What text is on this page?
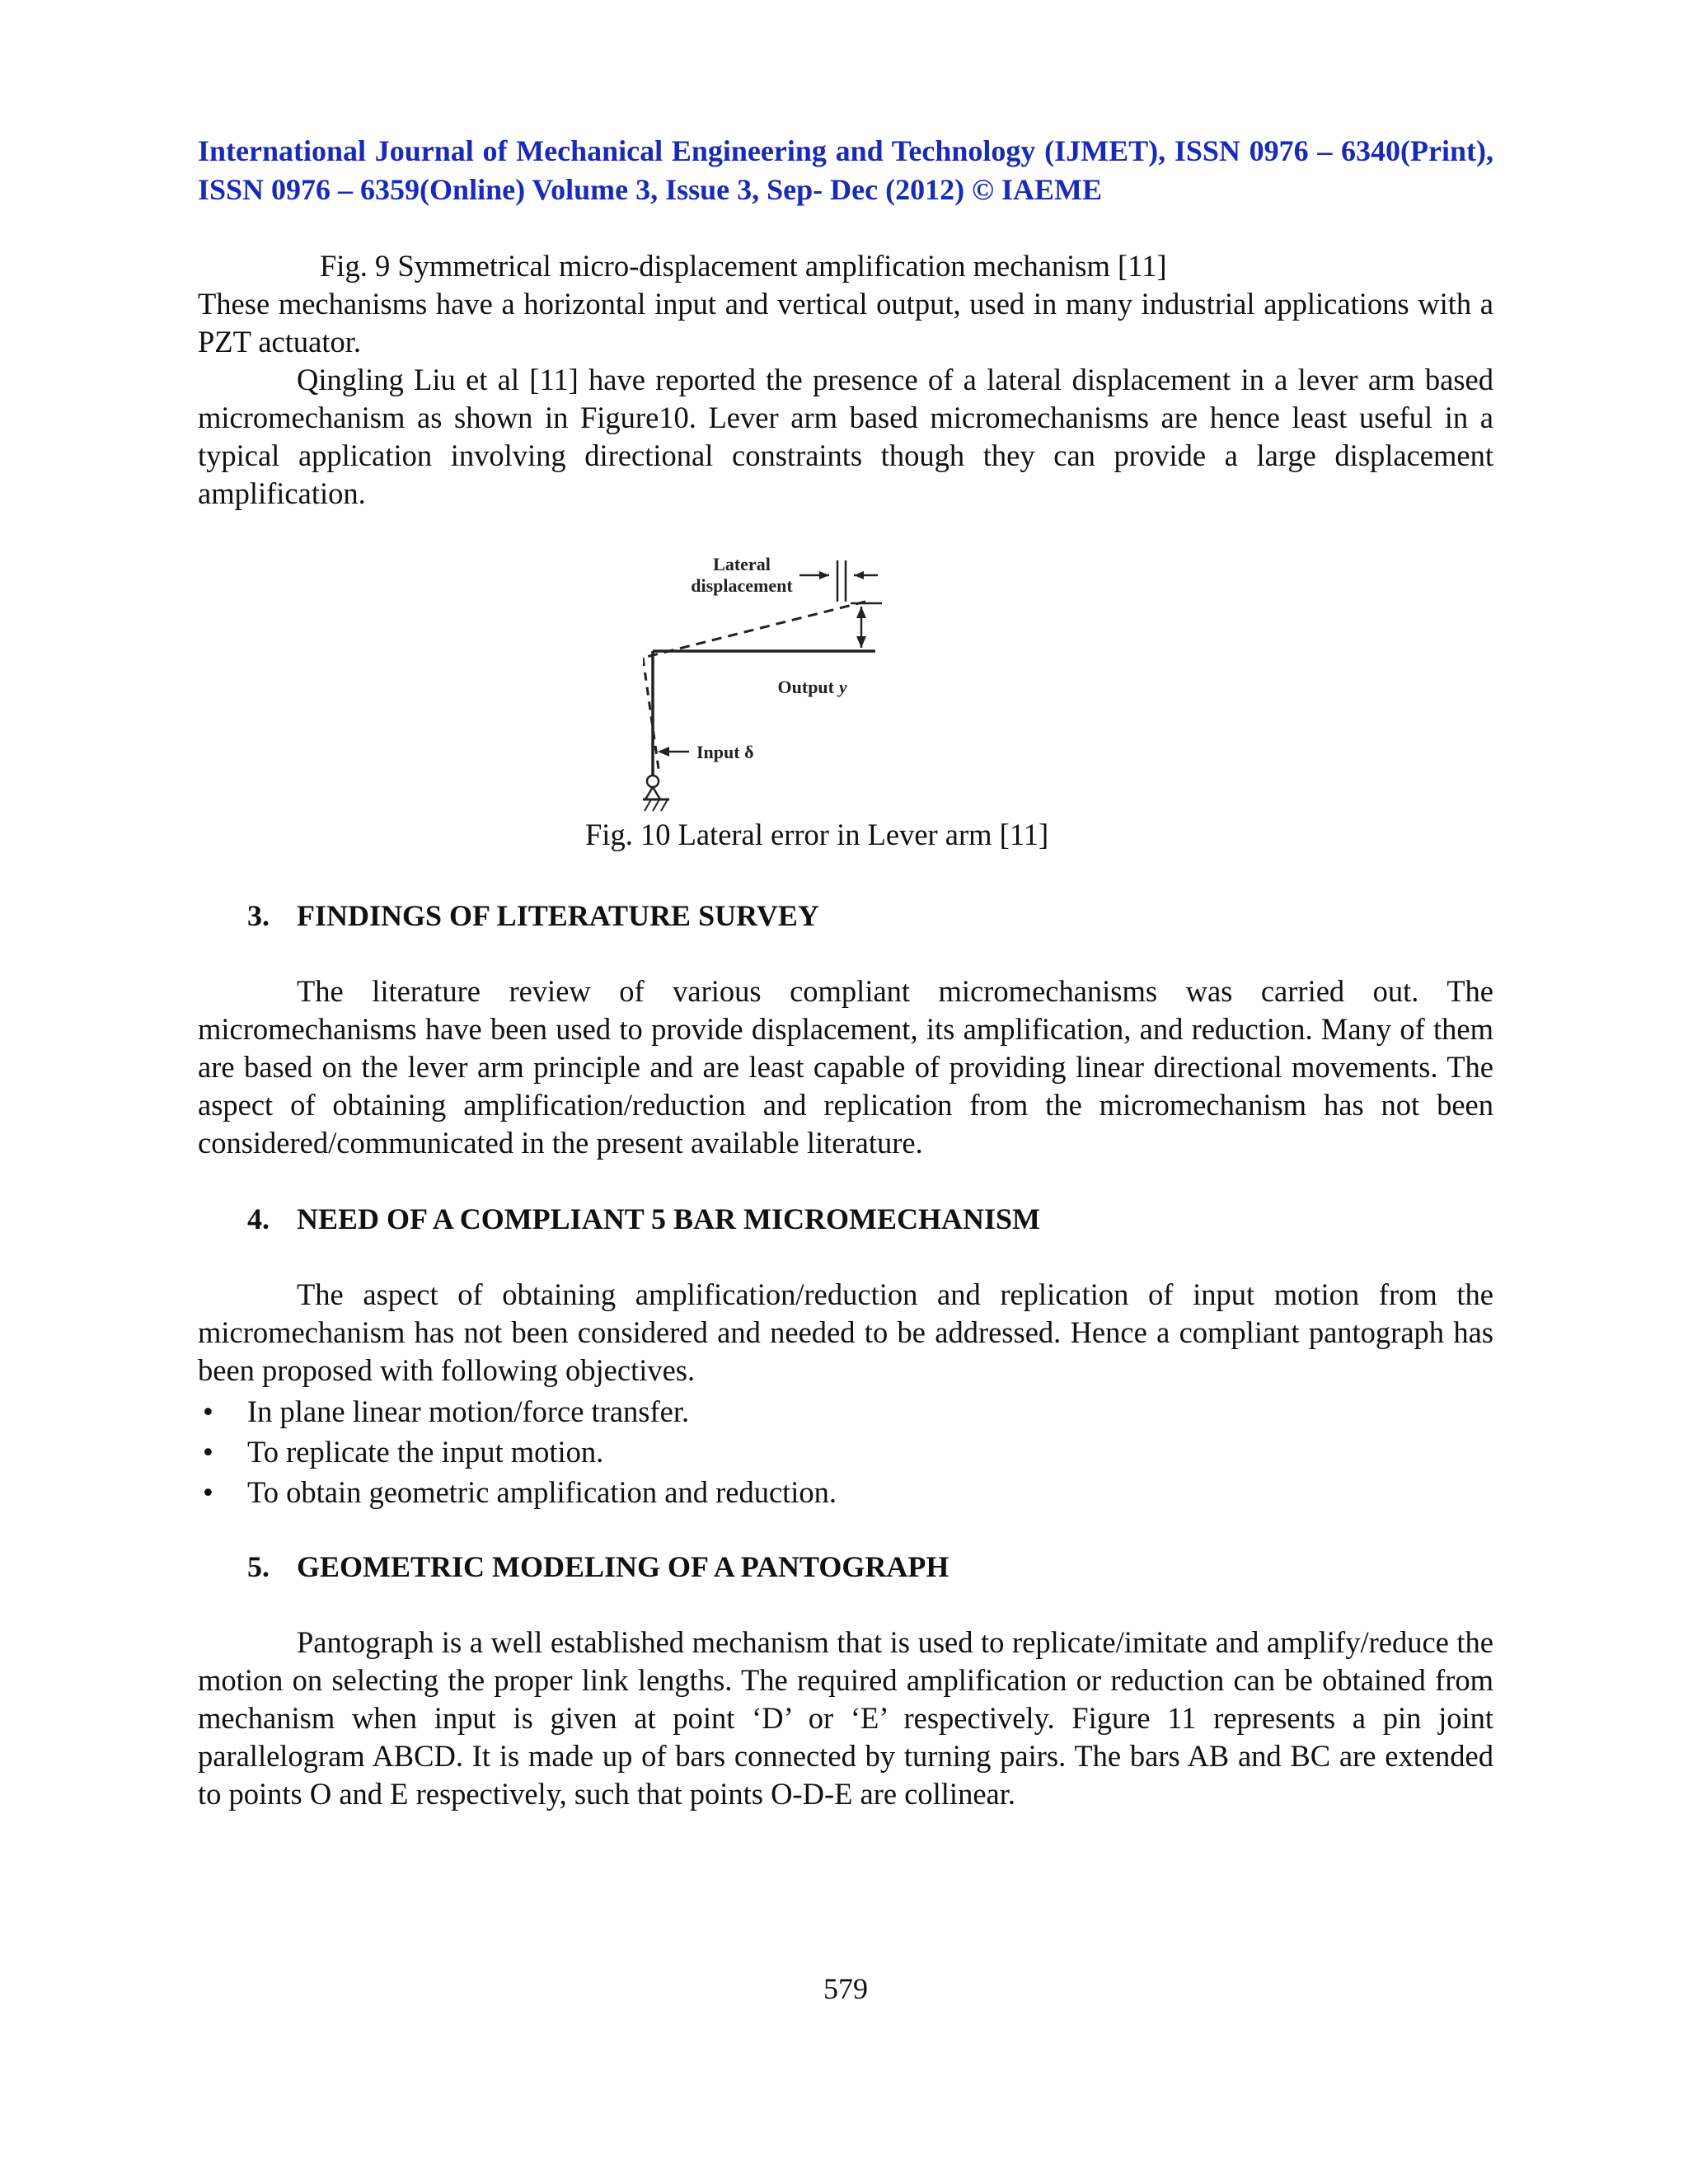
International Journal of Mechanical Engineering and Technology (IJMET), ISSN 0976 – 6340(Print), ISSN 0976 – 6359(Online) Volume 3, Issue 3, Sep- Dec (2012) © IAEME
Fig. 9 Symmetrical micro-displacement amplification mechanism [11]
These mechanisms have a horizontal input and vertical output, used in many industrial applications with a PZT actuator.
Qingling Liu et al [11] have reported the presence of a lateral displacement in a lever arm based micromechanism as shown in Figure10. Lever arm based micromechanisms are hence least useful in a typical application involving directional constraints though they can provide a large displacement amplification.
Lateral
displacement
Output y
Input δ
Fig. 10 Lateral error in Lever arm [11]
3. FINDINGS OF LITERATURE SURVEY
The literature review of various compliant micromechanisms was carried out. The micromechanisms have been used to provide displacement, its amplification, and reduction. Many of them are based on the lever arm principle and are least capable of providing linear directional movements. The aspect of obtaining amplification/reduction and replication from the micromechanism has not been considered/communicated in the present available literature.
4. NEED OF A COMPLIANT 5 BAR MICROMECHANISM
The aspect of obtaining amplification/reduction and replication of input motion from the micromechanism has not been considered and needed to be addressed. Hence a compliant pantograph has been proposed with following objectives.
• In plane linear motion/force transfer.
• To replicate the input motion.
• To obtain geometric amplification and reduction.
5. GEOMETRIC MODELING OF A PANTOGRAPH
Pantograph is a well established mechanism that is used to replicate/imitate and amplify/reduce the motion on selecting the proper link lengths. The required amplification or reduction can be obtained from mechanism when input is given at point ‘D’ or ‘E’ respectively. Figure 11 represents a pin joint parallelogram ABCD. It is made up of bars connected by turning pairs. The bars AB and BC are extended to points O and E respectively, such that points O-D-E are collinear.
579
